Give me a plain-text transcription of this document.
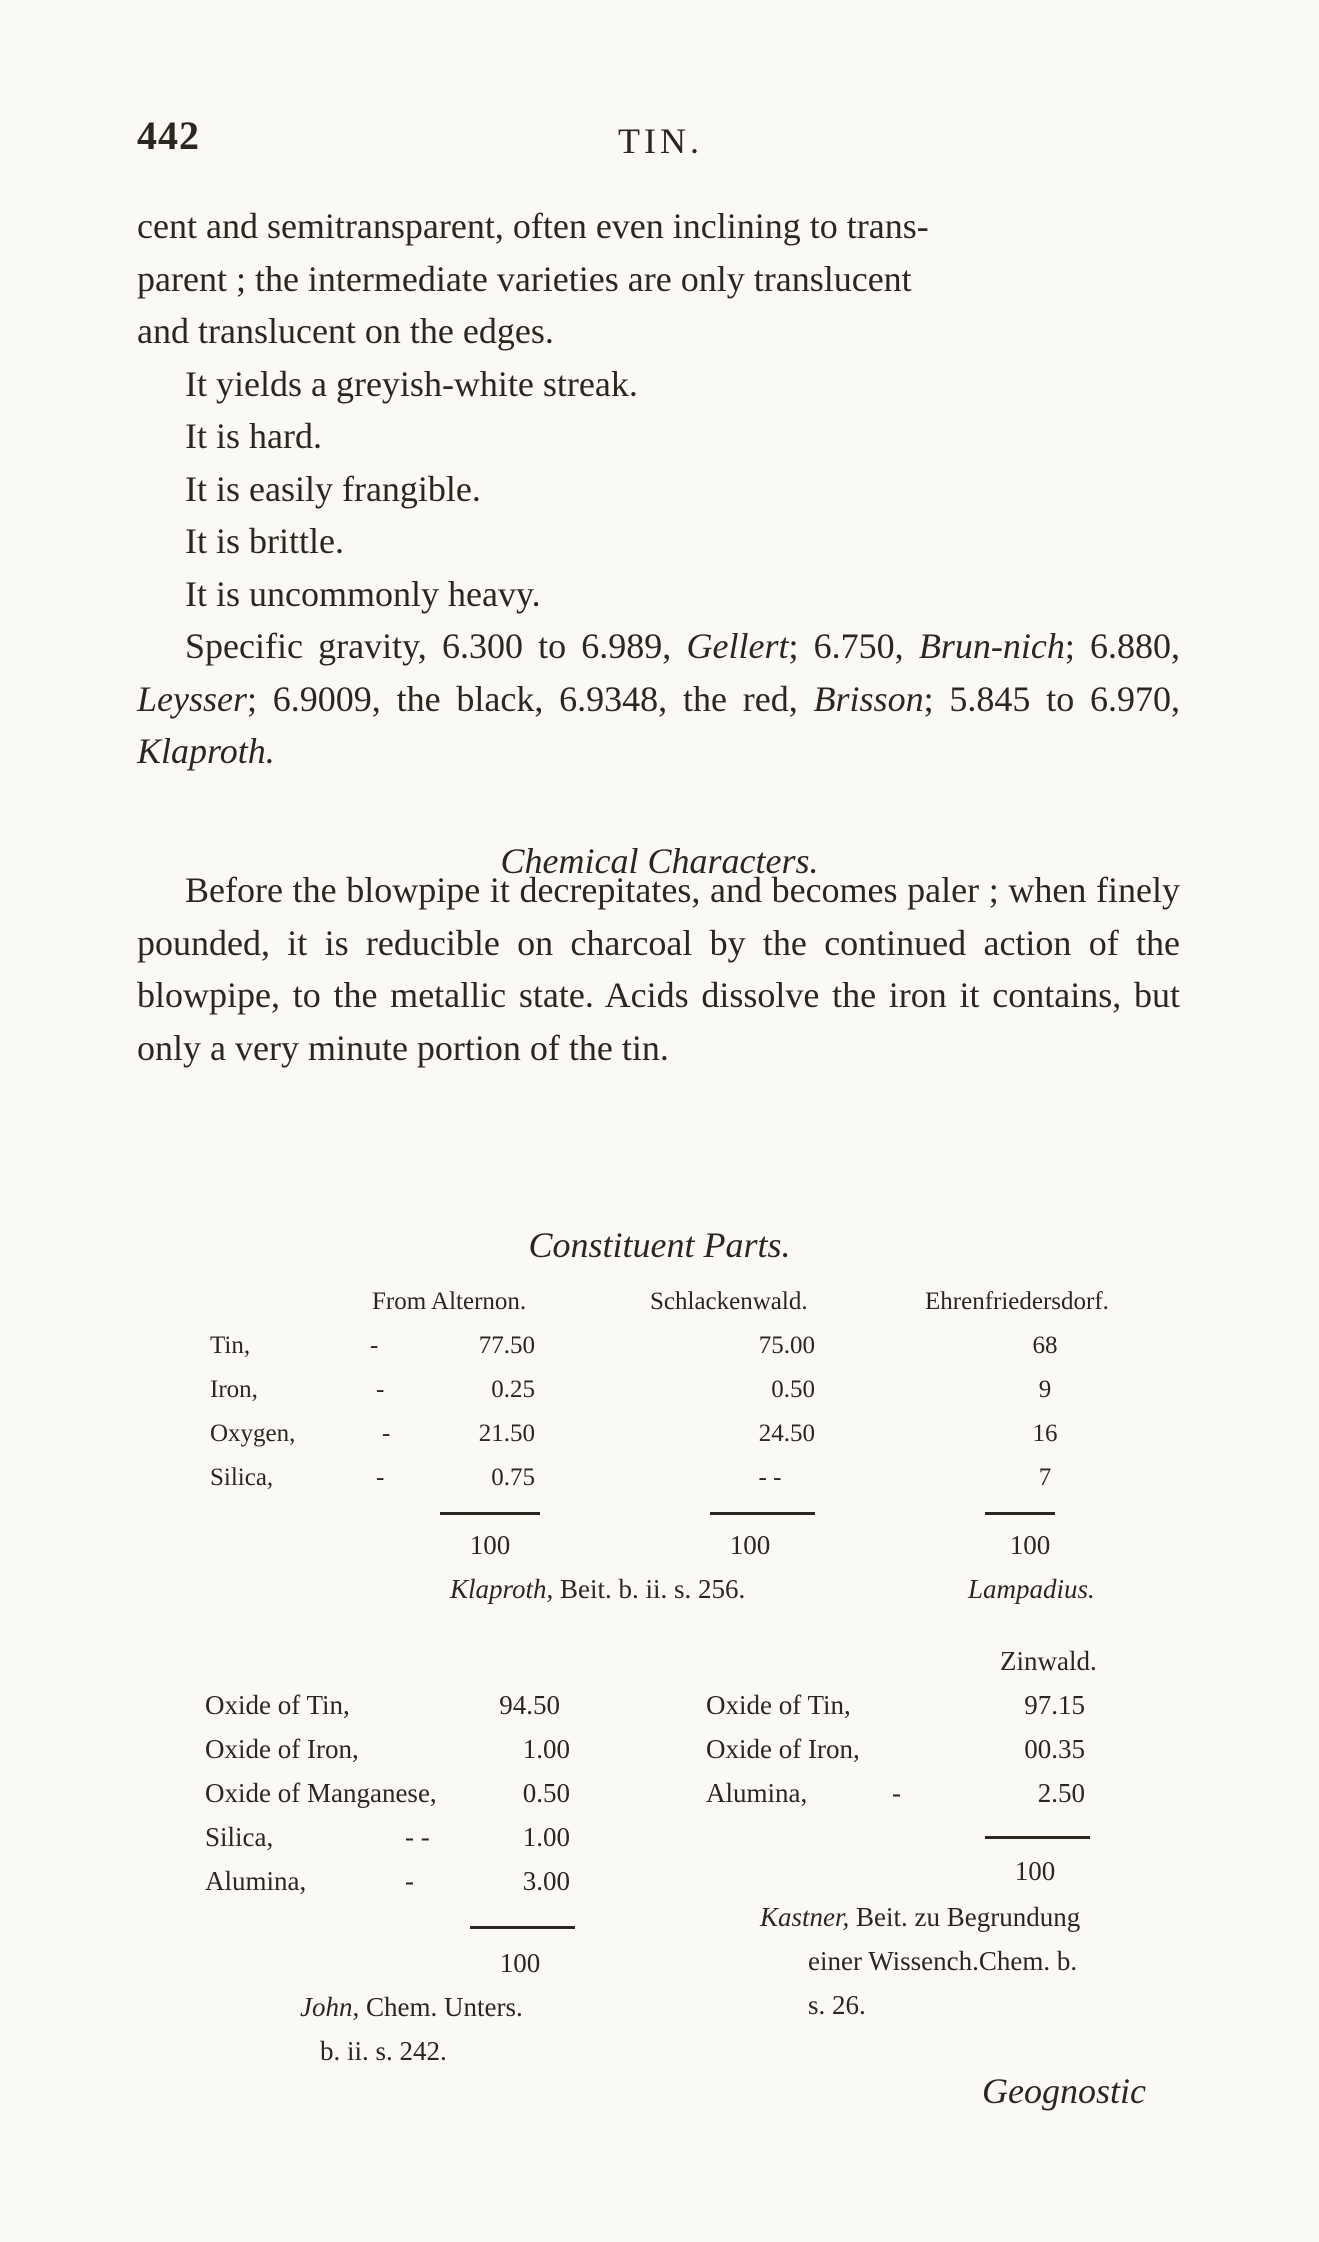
442	TIN.

cent and semitransparent, often even inclining to trans-

parent ; the intermediate varieties are only translucent

and translucent on the edges.

It yields a greyish-white streak.

It is hard.

It is easily frangible.

It is brittle.

It is uncommonly heavy.

Specific gravity, 6.300 to 6.989, Gellert; 6.750, Brun-nich; 6.880, Leysser; 6.9009, the black, 6.9348, the red, Brisson; 5.845 to 6.970, Klaproth.

Chemical Characters.

Before the blowpipe it decrepitates, and becomes paler ; when finely pounded, it is reducible on charcoal by the continued action of the blowpipe, to the metallic state. Acids dissolve the iron it contains, but only a very minute portion of the tin.

Constituent Parts.
From Alternon.	Schlackenwald.	Ehrenfriedersdorf.
Tin,	-	77.50	75.00	68
Iron,	-	0.25	0.50	9
Oxygen,	-	21.50	24.50	16
Silica,	-	0.75	- -	7
100	100	100
Klaproth, Beit. b. ii. s. 256.	Lampadius.
Oxide of Tin,	94.50
Oxide of Iron,	1.00
Oxide of Manganese,	0.50
Silica,	- -	1.00
Alumina,	-	3.00
100
John, Chem. Unters.
b. ii. s. 242.
Zinwald.
Oxide of Tin,	97.15
Oxide of Iron,	00.35
Alumina,	-	2.50
100
Kastner, Beit. zu Begrundung
einer Wissench.Chem. b.
s. 26.
Geognostic
